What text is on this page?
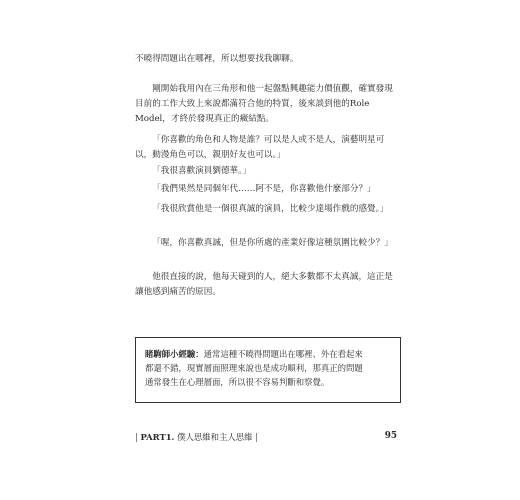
不曉得問題出在哪裡，所以想要找我聊聊。

剛開始我用內在三角形和他一起盤點興趣能力價值觀，確實發現目前的工作大致上來說都滿符合他的特質，後來談到他的Role Model，才終於發現真正的癥結點。

「你喜歡的角色和人物是誰？可以是人或不是人，演藝明星可以，動漫角色可以，親朋好友也可以。」

「我很喜歡演員劉德華。」

「我們果然是同個年代……阿不是，你喜歡他什麼部分？」

「我很欣賞他是一個很真誠的演員，比較少達場作戲的感覺。」

「喔，你喜歡真誠，但是你所處的產業好像這種氛圍比較少？」

他很直接的說，他每天碰到的人，絕大多數都不太真誠，這正是讓他感到痛苦的原因。

睹駒師小經驗：通常這種不曉得問題出在哪裡、外在看起來

都還不錯，現實層面照理來說也是成功順利，那真正的問題

通常發生在心理層面，所以很不容易判斷和察覺。

| PART1. 僕人思維和主人思維 |	95
